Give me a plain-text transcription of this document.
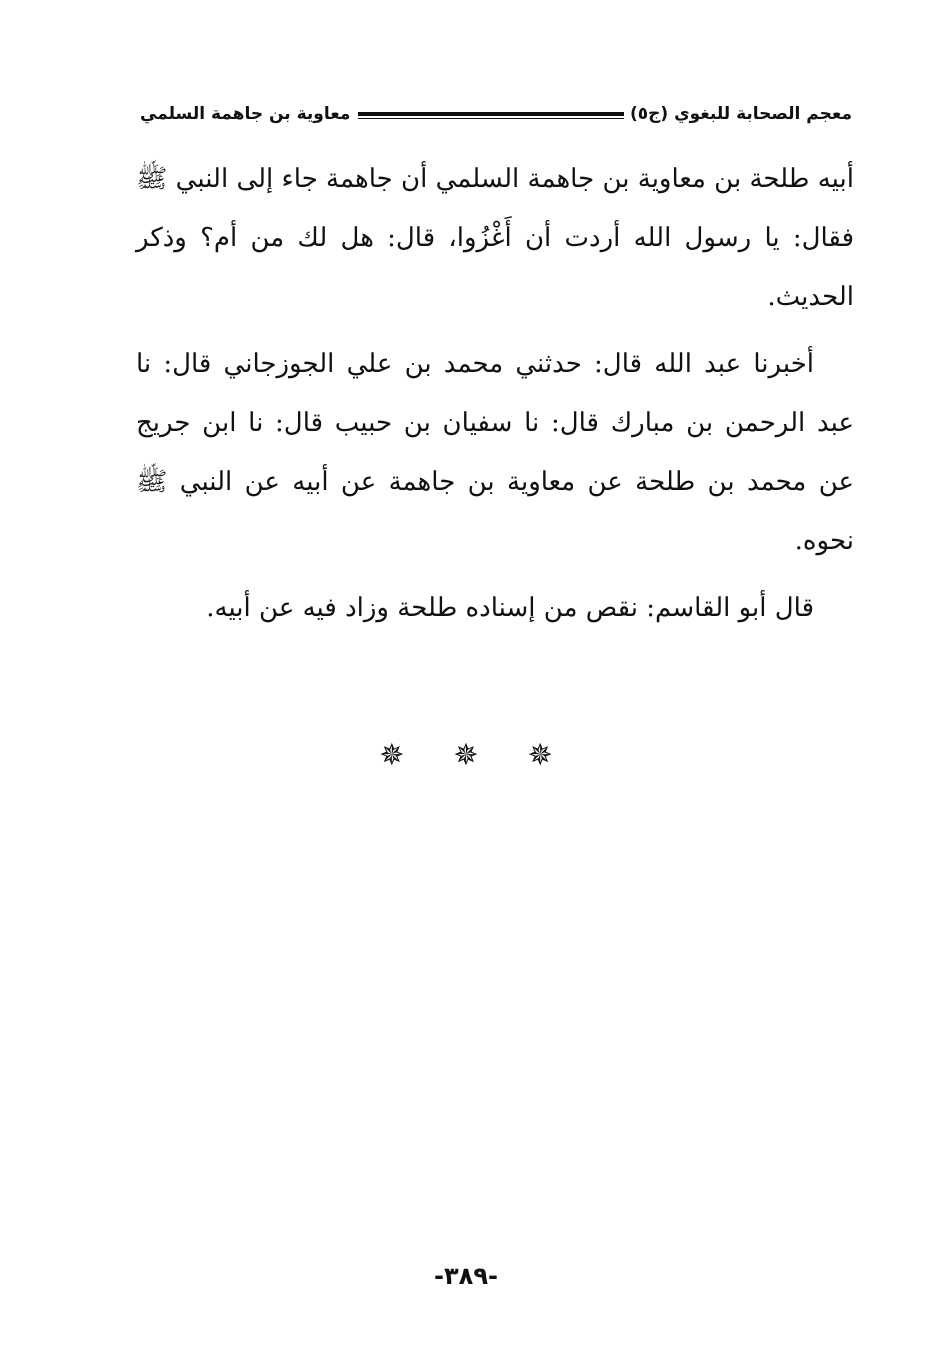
معجم الصحابة للبغوي (ج٥)
معاوية بن جاهمة السلمي

أبيه طلحة بن معاوية بن جاهمة السلمي أن جاهمة جاء إلى النبي ﷺ فقال: يا رسول الله أردت أن أَغْزُوا، قال: هل لك من أم؟ وذكر الحديث.

أخبرنا عبد الله قال: حدثني محمد بن علي الجوزجاني قال: نا عبد الرحمن بن مبارك قال: نا سفيان بن حبيب قال: نا ابن جريج عن محمد بن طلحة عن معاوية بن جاهمة عن أبيه عن النبي ﷺ نحوه.

قال أبو القاسم: نقص من إسناده طلحة وزاد فيه عن أبيه.

✵ ✵ ✵
-٣٨٩-
